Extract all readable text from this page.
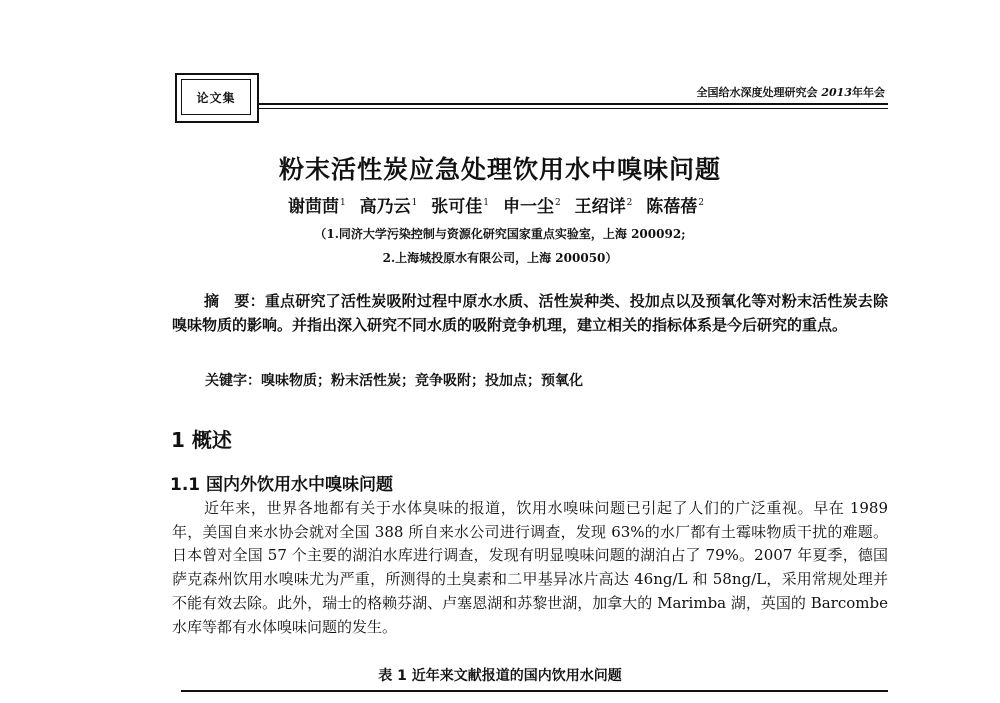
论文集	全国给水深度处理研究会 2013年年会
粉末活性炭应急处理饮用水中嗅味问题
谢茴茴$^1$ 高乃云$^1$ 张可佳$^1$ 申一尘$^2$ 王绍详$^2$ 陈蓓蓓$^2$
（1.同济大学污染控制与资源化研究国家重点实验室，上海 200092;
2.上海城投原水有限公司，上海 200050）
摘　要：重点研究了活性炭吸附过程中原水水质、活性炭种类、投加点以及预氧化等对粉末活性炭去除嗅味物质的影响。并指出深入研究不同水质的吸附竞争机理，建立相关的指标体系是今后研究的重点。
关键字：嗅味物质；粉末活性炭；竞争吸附；投加点；预氧化
1 概述
1.1 国内外饮用水中嗅味问题
近年来，世界各地都有关于水体臭味的报道，饮用水嗅味问题已引起了人们的广泛重视。早在 1989 年，美国自来水协会就对全国 388 所自来水公司进行调查，发现 63%的水厂都有土霉味物质干扰的难题。日本曾对全国 57 个主要的湖泊水库进行调查，发现有明显嗅味问题的湖泊占了 79%。2007 年夏季，德国萨克森州饮用水嗅味尤为严重，所测得的土臭素和二甲基异冰片高达 46ng/L 和 58ng/L，采用常规处理并不能有效去除。此外，瑞士的格赖芬湖、卢塞恩湖和苏黎世湖，加拿大的 Marimba 湖，英国的 Barcombe 水库等都有水体嗅味问题的发生。
表 1 近年来文献报道的国内饮用水问题
